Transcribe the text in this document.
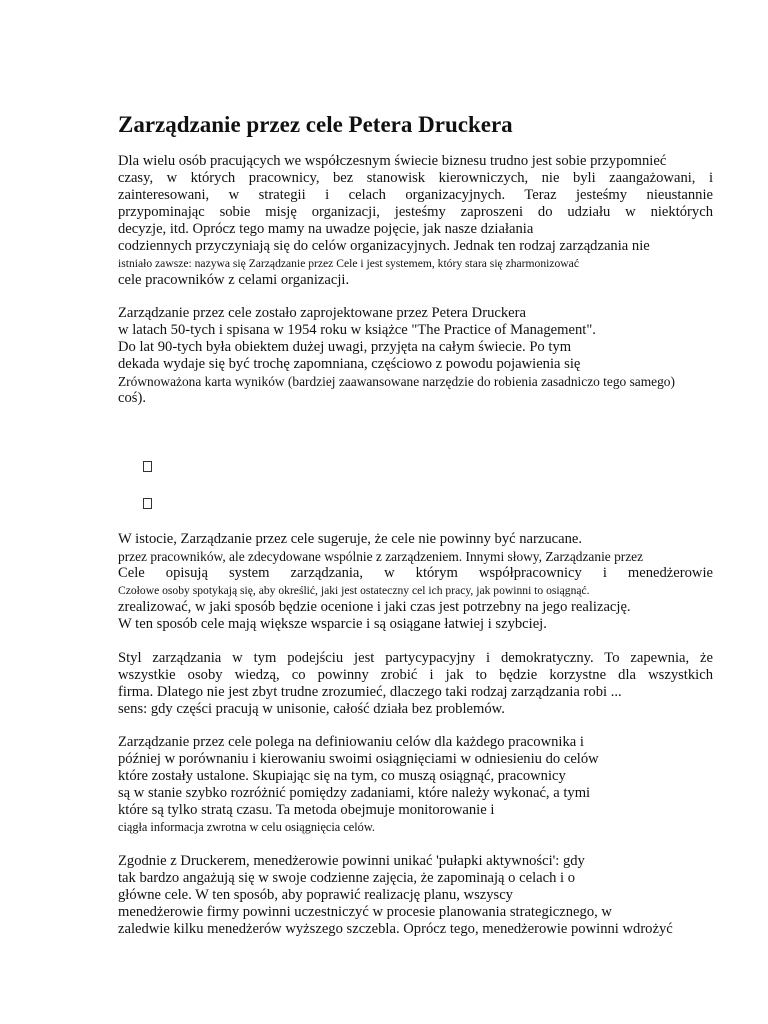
Zarządzanie przez cele Petera Druckera
Dla wielu osób pracujących we współczesnym świecie biznesu trudno jest sobie przypomnieć
czasy, w których pracownicy, bez stanowisk kierowniczych, nie byli zaangażowani, i
zainteresowani, w strategii i celach organizacyjnych. Teraz jesteśmy nieustannie
przypominając sobie misję organizacji, jesteśmy zaproszeni do udziału w niektórych
decyzje, itd. Oprócz tego mamy na uwadze pojęcie, jak nasze działania
codziennych przyczyniają się do celów organizacyjnych. Jednak ten rodzaj zarządzania nie
istniało zawsze: nazywa się Zarządzanie przez Cele i jest systemem, który stara się zharmonizować
cele pracowników z celami organizacji.
Zarządzanie przez cele zostało zaprojektowane przez Petera Druckera
w latach 50-tych i spisana w 1954 roku w książce "The Practice of Management".
Do lat 90-tych była obiektem dużej uwagi, przyjęta na całym świecie. Po tym
dekada wydaje się być trochę zapomniana, częściowo z powodu pojawienia się
Zrównoważona karta wyników (bardziej zaawansowane narzędzie do robienia zasadniczo tego samego)
coś).
W istocie, Zarządzanie przez cele sugeruje, że cele nie powinny być narzucane.
przez pracowników, ale zdecydowane wspólnie z zarządzeniem. Innymi słowy, Zarządzanie przez
Cele opisują system zarządzania, w którym współpracownicy i menedżerowie
Czołowe osoby spotykają się, aby określić, jaki jest ostateczny cel ich pracy, jak powinni to osiągnąć.
zrealizować, w jaki sposób będzie ocenione i jaki czas jest potrzebny na jego realizację.
W ten sposób cele mają większe wsparcie i są osiągane łatwiej i szybciej.
Styl zarządzania w tym podejściu jest partycypacyjny i demokratyczny. To zapewnia, że
wszystkie osoby wiedzą, co powinny zrobić i jak to będzie korzystne dla wszystkich
firma. Dlatego nie jest zbyt trudne zrozumieć, dlaczego taki rodzaj zarządzania robi ...
sens: gdy części pracują w unisonie, całość działa bez problemów.
Zarządzanie przez cele polega na definiowaniu celów dla każdego pracownika i
później w porównaniu i kierowaniu swoimi osiągnięciami w odniesieniu do celów
które zostały ustalone. Skupiając się na tym, co muszą osiągnąć, pracownicy
są w stanie szybko rozróżnić pomiędzy zadaniami, które należy wykonać, a tymi
które są tylko stratą czasu. Ta metoda obejmuje monitorowanie i
ciągła informacja zwrotna w celu osiągnięcia celów.
Zgodnie z Druckerem, menedżerowie powinni unikać 'pułapki aktywności': gdy
tak bardzo angażują się w swoje codzienne zajęcia, że zapominają o celach i o
główne cele. W ten sposób, aby poprawić realizację planu, wszyscy
menedżerowie firmy powinni uczestniczyć w procesie planowania strategicznego, w
zaledwie kilku menedżerów wyższego szczebla. Oprócz tego, menedżerowie powinni wdrożyć
